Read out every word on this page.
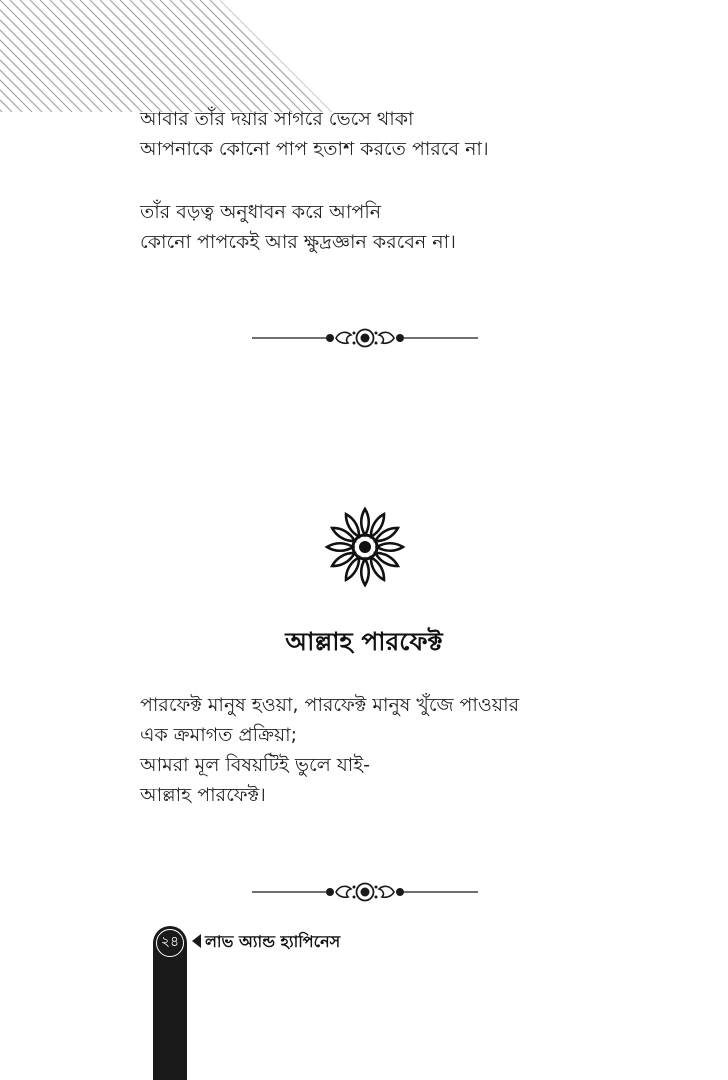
আবার তাঁর দয়ার সাগরে ভেসে থাকা

আপনাকে কোনো পাপ হতাশ করতে পারবে না।

তাঁর বড়ত্ব অনুধাবন করে আপনি

কোনো পাপকেই আর ক্ষুদ্রজ্ঞান করবেন না।

আল্লাহ পারফেক্ট

পারফেক্ট মানুষ হওয়া, পারফেক্ট মানুষ খুঁজে পাওয়ার

এক ক্রমাগত প্রক্রিয়া;

আমরা মূল বিষয়টিই ভুলে যাই-

আল্লাহ পারফেক্ট।

২৪	লাভ অ্যান্ড হ্যাপিনেস
